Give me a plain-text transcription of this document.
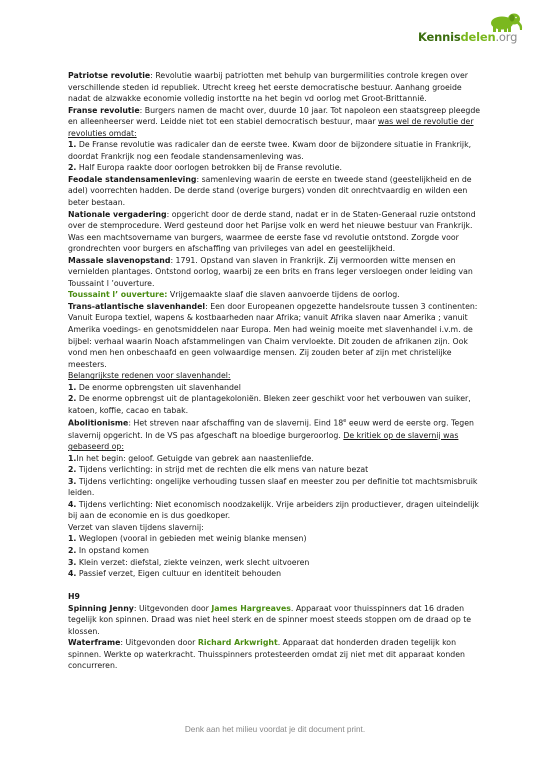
Kennisdelen.org

Patriotse revolutie: Revolutie waarbij patriotten met behulp van burgermilities controle kregen over verschillende steden id republiek. Utrecht kreeg het eerste democratische bestuur. Aanhang groeide nadat de alzwakke economie volledig instortte na het begin vd oorlog met Groot-Brittannië.

Franse revolutie: Burgers namen de macht over, duurde 10 jaar. Tot napoleon een staatsgreep pleegde en alleenheerser werd. Leidde niet tot een stabiel democratisch bestuur, maar was wel de revolutie der revoluties omdat:

1. De Franse revolutie was radicaler dan de eerste twee. Kwam door de bijzondere situatie in Frankrijk, doordat Frankrijk nog een feodale standensamenleving was.

2. Half Europa raakte door oorlogen betrokken bij de Franse revolutie.

Feodale standensamenleving: samenleving waarin de eerste en tweede stand (geestelijkheid en de adel) voorrechten hadden. De derde stand (overige burgers) vonden dit onrechtvaardig en wilden een beter bestaan.

Nationale vergadering: opgericht door de derde stand, nadat er in de Staten-Generaal ruzie ontstond over de stemprocedure. Werd gesteund door het Parijse volk en werd het nieuwe bestuur van Frankrijk. Was een machtsovername van burgers, waarmee de eerste fase vd revolutie ontstond. Zorgde voor grondrechten voor burgers en afschaffing van privileges van adel en geestelijkheid.

Massale slavenopstand: 1791. Opstand van slaven in Frankrijk. Zij vermoorden witte mensen en vernielden plantages. Ontstond oorlog, waarbij ze een brits en frans leger versloegen onder leiding van Toussaint l ’ouverture.

Toussaint l’ ouverture: Vrijgemaakte slaaf die slaven aanvoerde tijdens de oorlog.

Trans-atlantische slavenhandel: Een door Europeanen opgezette handelsroute tussen 3 continenten: Vanuit Europa textiel, wapens & kostbaarheden naar Afrika; vanuit Afrika slaven naar Amerika ; vanuit Amerika voedings- en genotsmiddelen naar Europa. Men had weinig moeite met slavenhandel i.v.m. de bijbel: verhaal waarin Noach afstammelingen van Chaim vervloekte. Dit zouden de afrikanen zijn. Ook vond men hen onbeschaafd en geen volwaardige mensen. Zij zouden beter af zijn met christelijke meesters.

Belangrijkste redenen voor slavenhandel:

1. De enorme opbrengsten uit slavenhandel

2. De enorme opbrengst uit de plantagekoloniën. Bleken zeer geschikt voor het verbouwen van suiker, katoen, koffie, cacao en tabak.

Abolitionisme: Het streven naar afschaffing van de slavernij. Eind 18e eeuw werd de eerste org. Tegen slavernij opgericht. In de VS pas afgeschaft na bloedige burgeroorlog. De kritiek op de slavernij was gebaseerd op:

1.In het begin: geloof. Getuigde van gebrek aan naastenliefde.

2. Tijdens verlichting: in strijd met de rechten die elk mens van nature bezat

3. Tijdens verlichting: ongelijke verhouding tussen slaaf en meester zou per definitie tot machtsmisbruik leiden.

4. Tijdens verlichting: Niet economisch noodzakelijk. Vrije arbeiders zijn productiever, dragen uiteindelijk bij aan de economie en is dus goedkoper.

Verzet van slaven tijdens slavernij:

1. Weglopen (vooral in gebieden met weinig blanke mensen)

2. In opstand komen

3. Klein verzet: diefstal, ziekte veinzen, werk slecht uitvoeren

4. Passief verzet, Eigen cultuur en identiteit behouden

H9

Spinning Jenny: Uitgevonden door James Hargreaves. Apparaat voor thuisspinners dat 16 draden tegelijk kon spinnen. Draad was niet heel sterk en de spinner moest steeds stoppen om de draad op te klossen.

Waterframe: Uitgevonden door Richard Arkwright. Apparaat dat honderden draden tegelijk kon spinnen. Werkte op waterkracht. Thuisspinners protesteerden omdat zij niet met dit apparaat konden concurreren.

Denk aan het milieu voordat je dit document print.
